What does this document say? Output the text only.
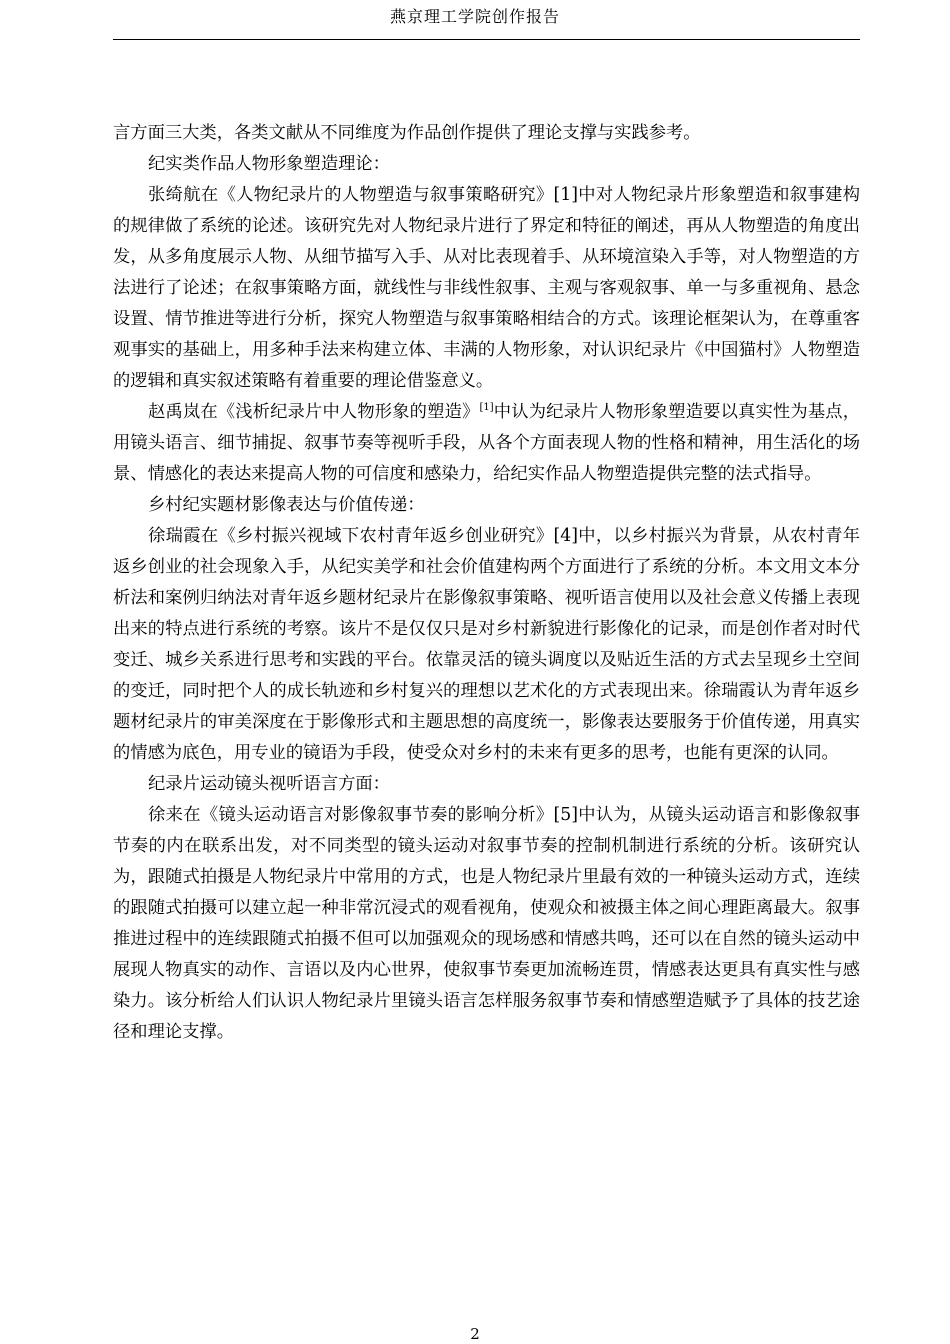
燕京理工学院创作报告

言方面三大类，各类文献从不同维度为作品创作提供了理论支撑与实践参考。

纪实类作品人物形象塑造理论：

张绮航在《人物纪录片的人物塑造与叙事策略研究》[1]中对人物纪录片形象塑造和叙事建构的规律做了系统的论述。该研究先对人物纪录片进行了界定和特征的阐述，再从人物塑造的角度出发，从多角度展示人物、从细节描写入手、从对比表现着手、从环境渲染入手等，对人物塑造的方法进行了论述；在叙事策略方面，就线性与非线性叙事、主观与客观叙事、单一与多重视角、悬念设置、情节推进等进行分析，探究人物塑造与叙事策略相结合的方式。该理论框架认为，在尊重客观事实的基础上，用多种手法来构建立体、丰满的人物形象，对认识纪录片《中国猫村》人物塑造的逻辑和真实叙述策略有着重要的理论借鉴意义。

赵禹岚在《浅析纪录片中人物形象的塑造》[1]中认为纪录片人物形象塑造要以真实性为基点，用镜头语言、细节捕捉、叙事节奏等视听手段，从各个方面表现人物的性格和精神，用生活化的场景、情感化的表达来提高人物的可信度和感染力，给纪实作品人物塑造提供完整的法式指导。

乡村纪实题材影像表达与价值传递：

徐瑞霞在《乡村振兴视域下农村青年返乡创业研究》[4]中，以乡村振兴为背景，从农村青年返乡创业的社会现象入手，从纪实美学和社会价值建构两个方面进行了系统的分析。本文用文本分析法和案例归纳法对青年返乡题材纪录片在影像叙事策略、视听语言使用以及社会意义传播上表现出来的特点进行系统的考察。该片不是仅仅只是对乡村新貌进行影像化的记录，而是创作者对时代变迁、城乡关系进行思考和实践的平台。依靠灵活的镜头调度以及贴近生活的方式去呈现乡土空间的变迁，同时把个人的成长轨迹和乡村复兴的理想以艺术化的方式表现出来。徐瑞霞认为青年返乡题材纪录片的审美深度在于影像形式和主题思想的高度统一，影像表达要服务于价值传递，用真实的情感为底色，用专业的镜语为手段，使受众对乡村的未来有更多的思考，也能有更深的认同。

纪录片运动镜头视听语言方面：

徐来在《镜头运动语言对影像叙事节奏的影响分析》[5]中认为，从镜头运动语言和影像叙事节奏的内在联系出发，对不同类型的镜头运动对叙事节奏的控制机制进行系统的分析。该研究认为，跟随式拍摄是人物纪录片中常用的方式，也是人物纪录片里最有效的一种镜头运动方式，连续的跟随式拍摄可以建立起一种非常沉浸式的观看视角，使观众和被摄主体之间心理距离最大。叙事推进过程中的连续跟随式拍摄不但可以加强观众的现场感和情感共鸣，还可以在自然的镜头运动中展现人物真实的动作、言语以及内心世界，使叙事节奏更加流畅连贯，情感表达更具有真实性与感染力。该分析给人们认识人物纪录片里镜头语言怎样服务叙事节奏和情感塑造赋予了具体的技艺途径和理论支撑。

2
